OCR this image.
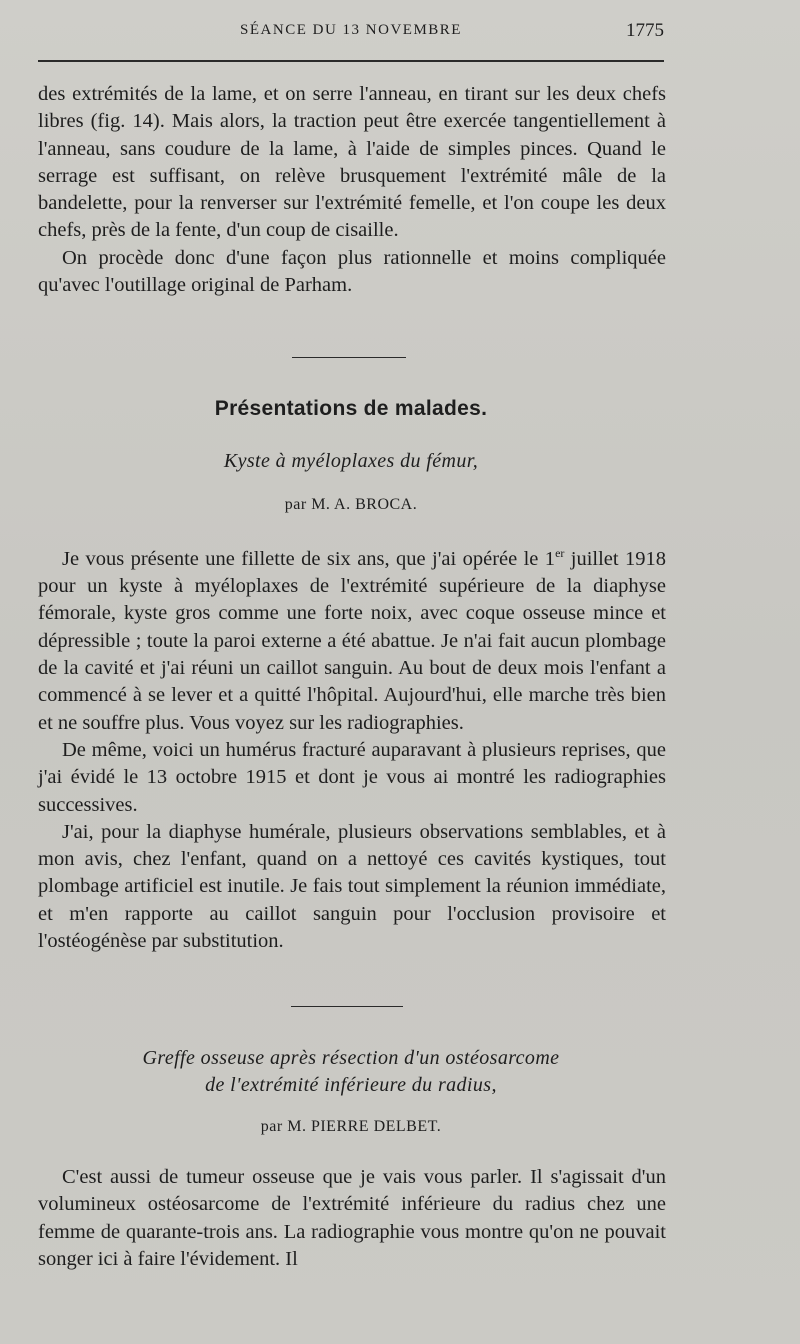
SÉANCE DU 13 NOVEMBRE	1775

des extrémités de la lame, et on serre l'anneau, en tirant sur les deux chefs libres (fig. 14). Mais alors, la traction peut être exercée tangentiellement à l'anneau, sans coudure de la lame, à l'aide de simples pinces. Quand le serrage est suffisant, on relève brusquement l'extrémité mâle de la bandelette, pour la renverser sur l'extrémité femelle, et l'on coupe les deux chefs, près de la fente, d'un coup de cisaille.

On procède donc d'une façon plus rationnelle et moins compliquée qu'avec l'outillage original de Parham.

Présentations de malades.
Kyste à myéloplaxes du fémur,
par M. A. BROCA.

Je vous présente une fillette de six ans, que j'ai opérée le 1er juillet 1918 pour un kyste à myéloplaxes de l'extrémité supérieure de la diaphyse fémorale, kyste gros comme une forte noix, avec coque osseuse mince et dépressible ; toute la paroi externe a été abattue. Je n'ai fait aucun plombage de la cavité et j'ai réuni un caillot sanguin. Au bout de deux mois l'enfant a commencé à se lever et a quitté l'hôpital. Aujourd'hui, elle marche très bien et ne souffre plus. Vous voyez sur les radiographies.

De même, voici un humérus fracturé auparavant à plusieurs reprises, que j'ai évidé le 13 octobre 1915 et dont je vous ai montré les radiographies successives.

J'ai, pour la diaphyse humérale, plusieurs observations semblables, et à mon avis, chez l'enfant, quand on a nettoyé ces cavités kystiques, tout plombage artificiel est inutile. Je fais tout simplement la réunion immédiate, et m'en rapporte au caillot sanguin pour l'occlusion provisoire et l'ostéogénèse par substitution.

Greffe osseuse après résection d'un ostéosarcome
de l'extrémité inférieure du radius,
par M. PIERRE DELBET.

C'est aussi de tumeur osseuse que je vais vous parler. Il s'agissait d'un volumineux ostéosarcome de l'extrémité inférieure du radius chez une femme de quarante-trois ans. La radiographie vous montre qu'on ne pouvait songer ici à faire l'évidement. Il
